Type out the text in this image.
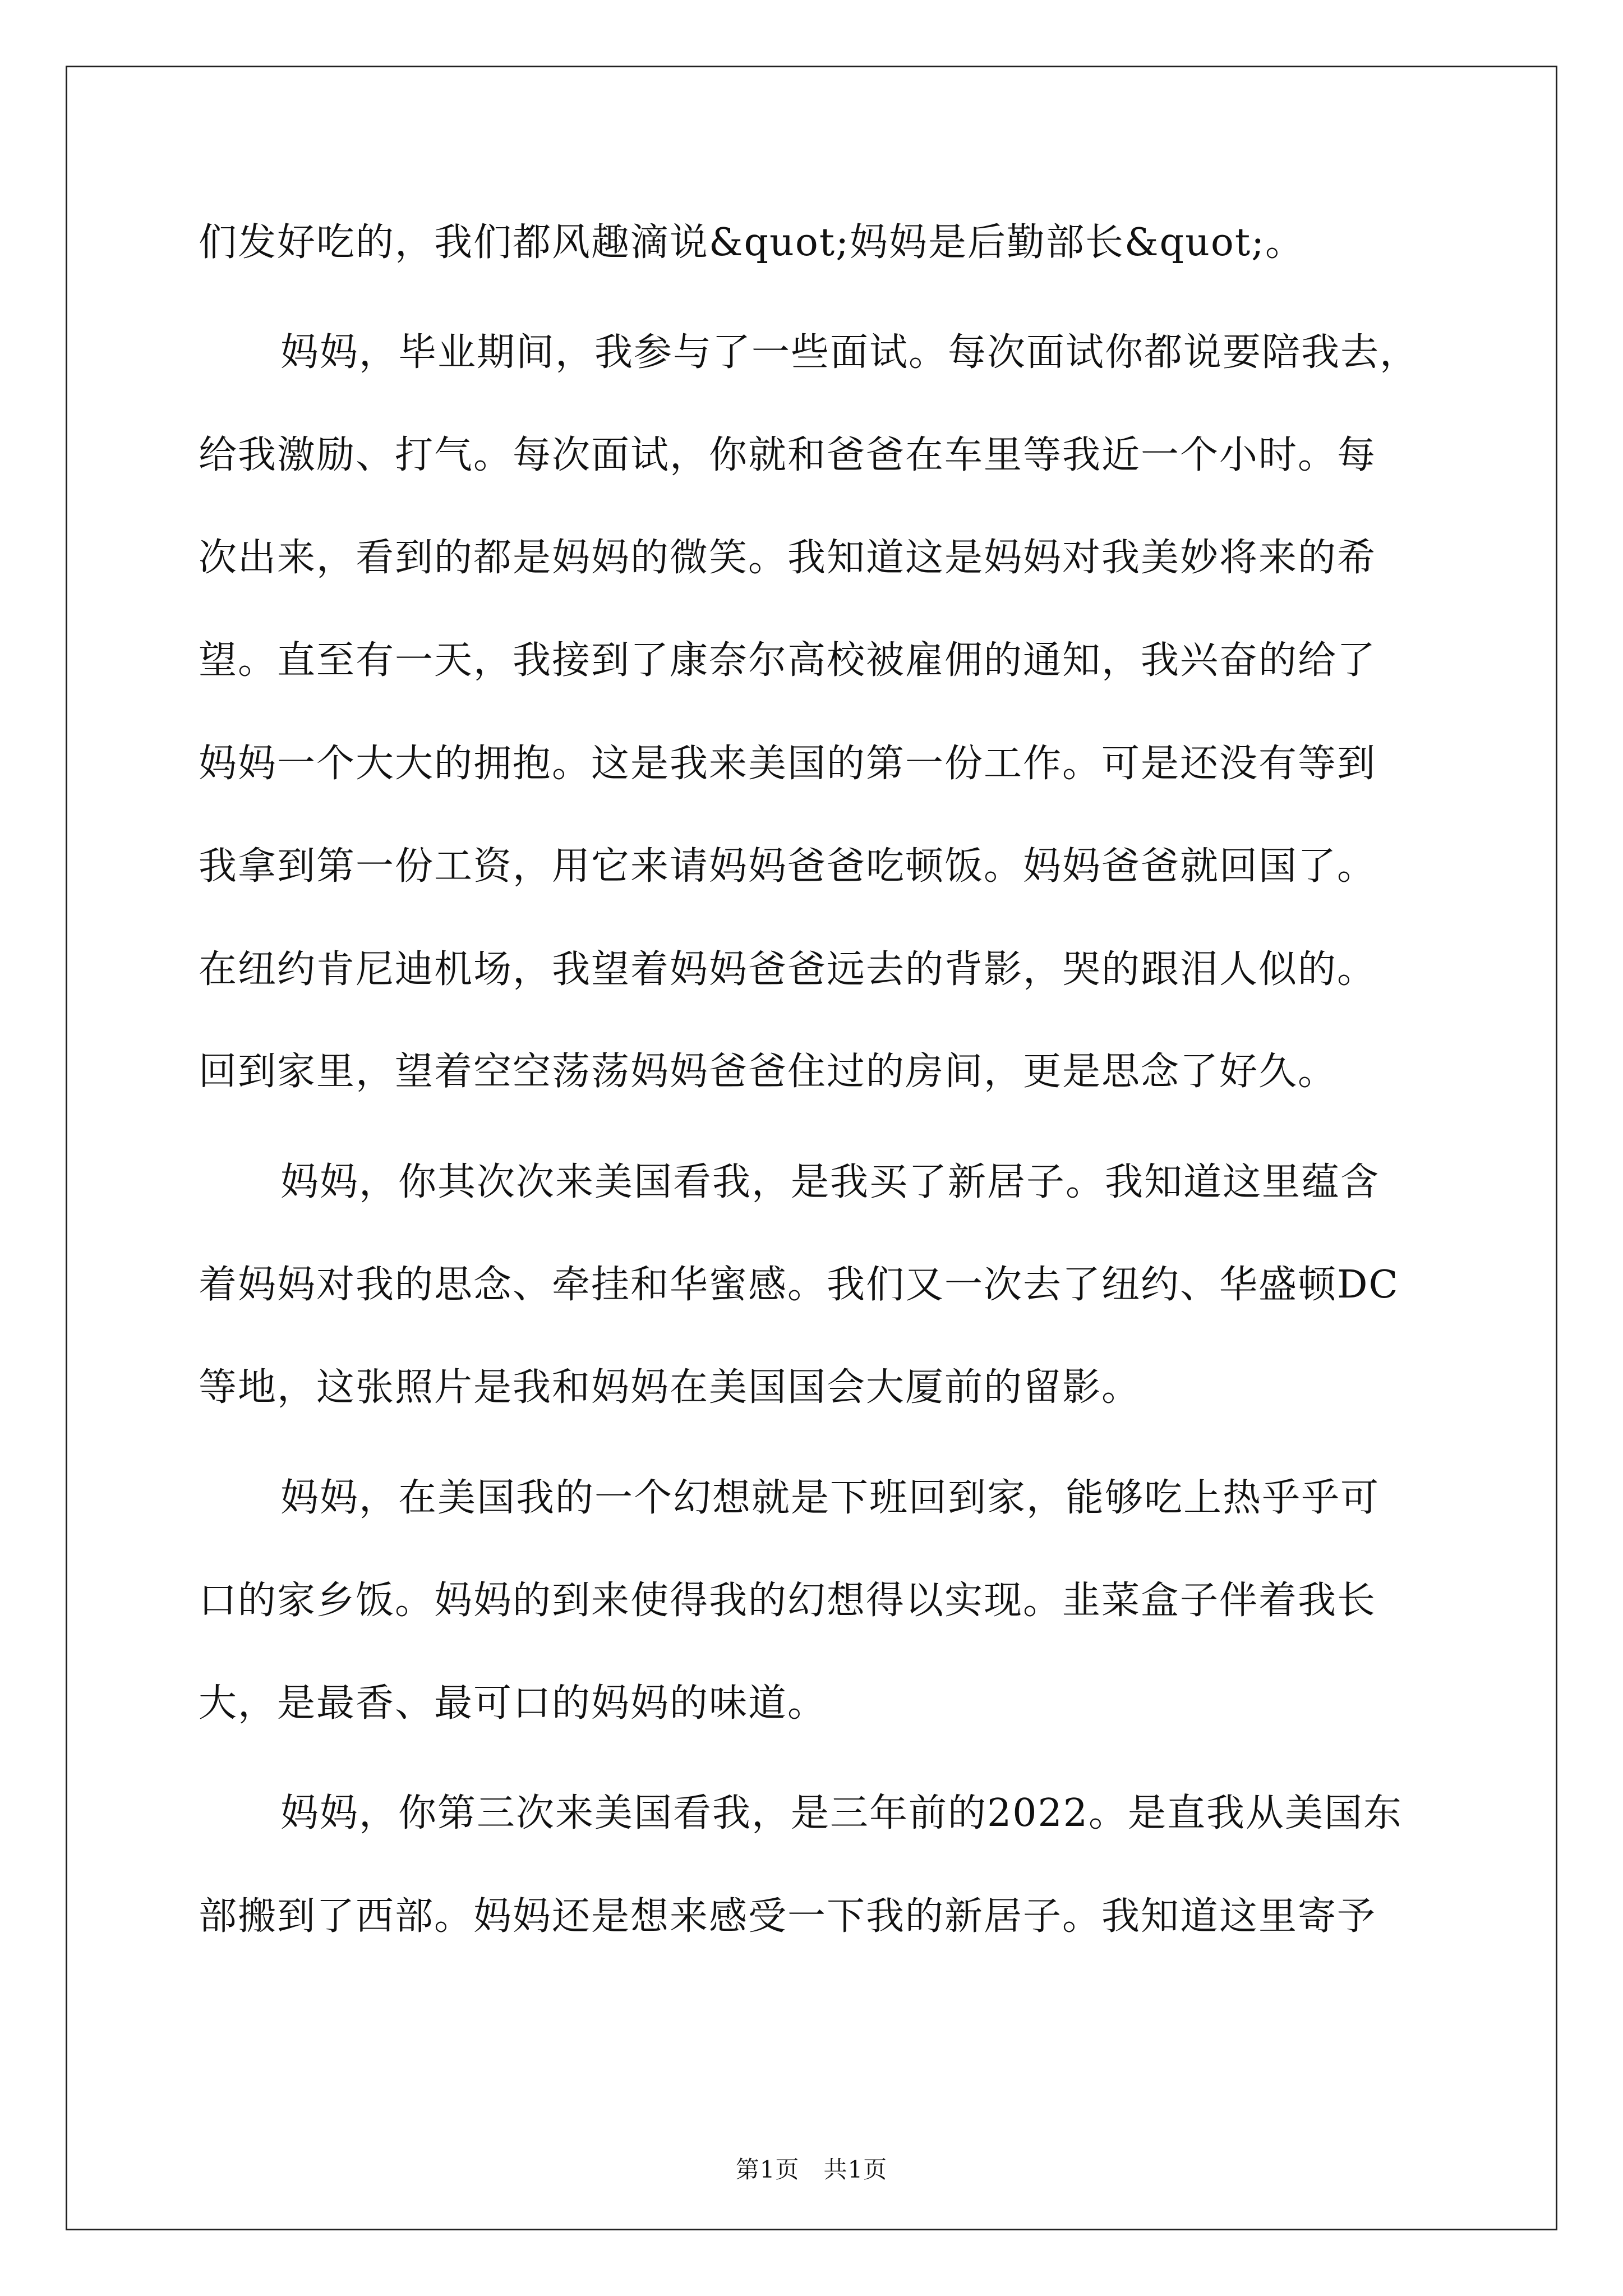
们发好吃的，我们都风趣滴说&quot;妈妈是后勤部长&quot;。
妈妈，毕业期间，我参与了一些面试。每次面试你都说要陪我去，
给我激励、打气。每次面试，你就和爸爸在车里等我近一个小时。每
次出来，看到的都是妈妈的微笑。我知道这是妈妈对我美妙将来的希
望。直至有一天，我接到了康奈尔高校被雇佣的通知，我兴奋的给了
妈妈一个大大的拥抱。这是我来美国的第一份工作。可是还没有等到
我拿到第一份工资，用它来请妈妈爸爸吃顿饭。妈妈爸爸就回国了。
在纽约肯尼迪机场，我望着妈妈爸爸远去的背影，哭的跟泪人似的。
回到家里，望着空空荡荡妈妈爸爸住过的房间，更是思念了好久。
妈妈，你其次次来美国看我，是我买了新居子。我知道这里蕴含
着妈妈对我的思念、牵挂和华蜜感。我们又一次去了纽约、华盛顿DC
等地，这张照片是我和妈妈在美国国会大厦前的留影。
妈妈，在美国我的一个幻想就是下班回到家，能够吃上热乎乎可
口的家乡饭。妈妈的到来使得我的幻想得以实现。韭菜盒子伴着我长
大，是最香、最可口的妈妈的味道。
妈妈，你第三次来美国看我，是三年前的2022。是直我从美国东
部搬到了西部。妈妈还是想来感受一下我的新居子。我知道这里寄予
第1页　共1页
